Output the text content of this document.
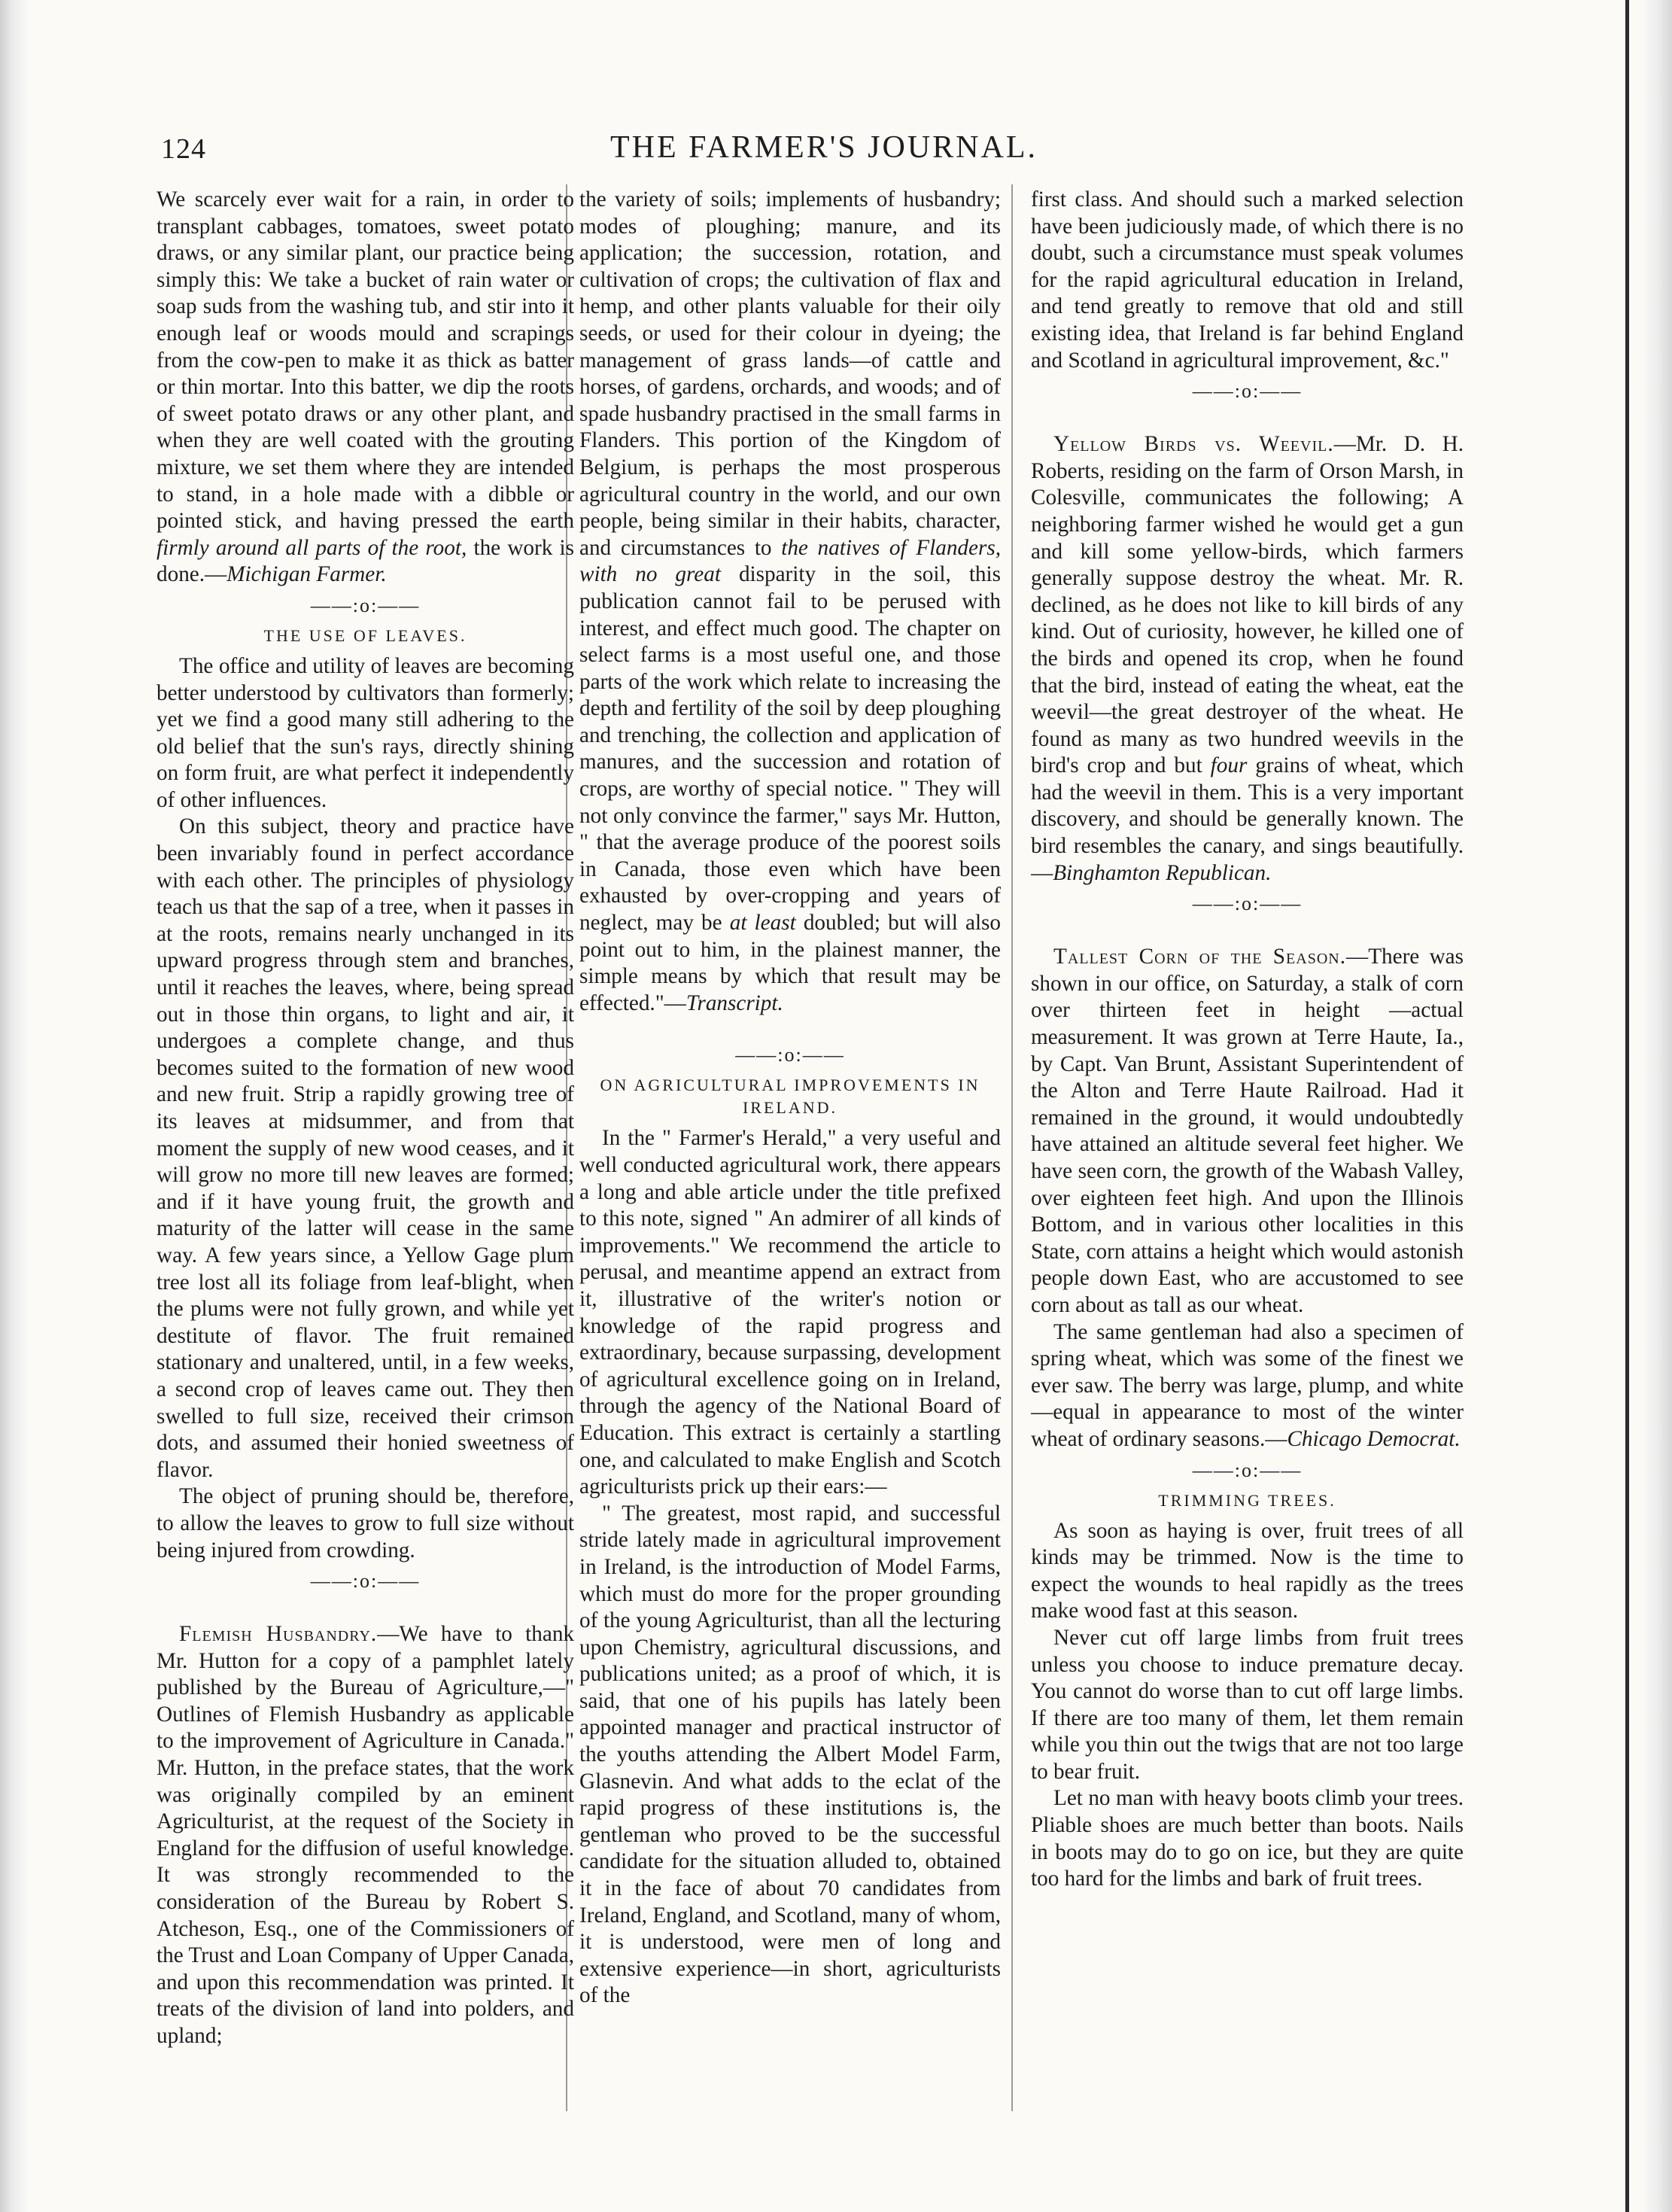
124	THE FARMER'S JOURNAL.

We scarcely ever wait for a rain, in order to transplant cabbages, tomatoes, sweet potato draws, or any similar plant, our practice being simply this: We take a bucket of rain water or soap suds from the washing tub, and stir into it enough leaf or woods mould and scrapings from the cow-pen to make it as thick as batter or thin mortar. Into this batter, we dip the roots of sweet potato draws or any other plant, and when they are well coated with the grouting mixture, we set them where they are intended to stand, in a hole made with a dibble or pointed stick, and having pressed the earth firmly around all parts of the root, the work is done.—Michigan Farmer.

——:o:——
THE USE OF LEAVES.

The office and utility of leaves are becoming better understood by cultivators than formerly; yet we find a good many still adhering to the old belief that the sun's rays, directly shining on form fruit, are what perfect it independently of other influences.

On this subject, theory and practice have been invariably found in perfect accordance with each other. The principles of physiology teach us that the sap of a tree, when it passes in at the roots, remains nearly unchanged in its upward progress through stem and branches, until it reaches the leaves, where, being spread out in those thin organs, to light and air, it undergoes a complete change, and thus becomes suited to the formation of new wood and new fruit. Strip a rapidly growing tree of its leaves at midsummer, and from that moment the supply of new wood ceases, and it will grow no more till new leaves are formed; and if it have young fruit, the growth and maturity of the latter will cease in the same way. A few years since, a Yellow Gage plum tree lost all its foliage from leaf-blight, when the plums were not fully grown, and while yet destitute of flavor. The fruit remained stationary and unaltered, until, in a few weeks, a second crop of leaves came out. They then swelled to full size, received their crimson dots, and assumed their honied sweetness of flavor.

The object of pruning should be, therefore, to allow the leaves to grow to full size without being injured from crowding.

——:o:——

Flemish Husbandry.—We have to thank Mr. Hutton for a copy of a pamphlet lately published by the Bureau of Agriculture,—" Outlines of Flemish Husbandry as applicable to the improvement of Agriculture in Canada." Mr. Hutton, in the preface states, that the work was originally compiled by an eminent Agriculturist, at the request of the Society in England for the diffusion of useful knowledge. It was strongly recommended to the consideration of the Bureau by Robert S. Atcheson, Esq., one of the Commissioners of the Trust and Loan Company of Upper Canada, and upon this recommendation was printed. It treats of the division of land into polders, and upland;

the variety of soils; implements of husbandry; modes of ploughing; manure, and its application; the succession, rotation, and cultivation of crops; the cultivation of flax and hemp, and other plants valuable for their oily seeds, or used for their colour in dyeing; the management of grass lands—of cattle and horses, of gardens, orchards, and woods; and of spade husbandry practised in the small farms in Flanders. This portion of the Kingdom of Belgium, is perhaps the most prosperous agricultural country in the world, and our own people, being similar in their habits, character, and circumstances to the natives of Flanders, with no great disparity in the soil, this publication cannot fail to be perused with interest, and effect much good. The chapter on select farms is a most useful one, and those parts of the work which relate to increasing the depth and fertility of the soil by deep ploughing and trenching, the collection and application of manures, and the succession and rotation of crops, are worthy of special notice. " They will not only convince the farmer," says Mr. Hutton, " that the average produce of the poorest soils in Canada, those even which have been exhausted by over-cropping and years of neglect, may be at least doubled; but will also point out to him, in the plainest manner, the simple means by which that result may be effected."—Transcript.

——:o:——
ON AGRICULTURAL IMPROVEMENTS IN IRELAND.

In the " Farmer's Herald," a very useful and well conducted agricultural work, there appears a long and able article under the title prefixed to this note, signed " An admirer of all kinds of improvements." We recommend the article to perusal, and meantime append an extract from it, illustrative of the writer's notion or knowledge of the rapid progress and extraordinary, because surpassing, development of agricultural excellence going on in Ireland, through the agency of the National Board of Education. This extract is certainly a startling one, and calculated to make English and Scotch agriculturists prick up their ears:—

" The greatest, most rapid, and successful stride lately made in agricultural improvement in Ireland, is the introduction of Model Farms, which must do more for the proper grounding of the young Agriculturist, than all the lecturing upon Chemistry, agricultural discussions, and publications united; as a proof of which, it is said, that one of his pupils has lately been appointed manager and practical instructor of the youths attending the Albert Model Farm, Glasnevin. And what adds to the eclat of the rapid progress of these institutions is, the gentleman who proved to be the successful candidate for the situation alluded to, obtained it in the face of about 70 candidates from Ireland, England, and Scotland, many of whom, it is understood, were men of long and extensive experience—in short, agriculturists of the

first class. And should such a marked selection have been judiciously made, of which there is no doubt, such a circumstance must speak volumes for the rapid agricultural education in Ireland, and tend greatly to remove that old and still existing idea, that Ireland is far behind England and Scotland in agricultural improvement, &c."

——:o:——

Yellow Birds vs. Weevil.—Mr. D. H. Roberts, residing on the farm of Orson Marsh, in Colesville, communicates the following; A neighboring farmer wished he would get a gun and kill some yellow-birds, which farmers generally suppose destroy the wheat. Mr. R. declined, as he does not like to kill birds of any kind. Out of curiosity, however, he killed one of the birds and opened its crop, when he found that the bird, instead of eating the wheat, eat the weevil—the great destroyer of the wheat. He found as many as two hundred weevils in the bird's crop and but four grains of wheat, which had the weevil in them. This is a very important discovery, and should be generally known. The bird resembles the canary, and sings beautifully.—Binghamton Republican.

——:o:——

Tallest Corn of the Season.—There was shown in our office, on Saturday, a stalk of corn over thirteen feet in height —actual measurement. It was grown at Terre Haute, Ia., by Capt. Van Brunt, Assistant Superintendent of the Alton and Terre Haute Railroad. Had it remained in the ground, it would undoubtedly have attained an altitude several feet higher. We have seen corn, the growth of the Wabash Valley, over eighteen feet high. And upon the Illinois Bottom, and in various other localities in this State, corn attains a height which would astonish people down East, who are accustomed to see corn about as tall as our wheat.

The same gentleman had also a specimen of spring wheat, which was some of the finest we ever saw. The berry was large, plump, and white—equal in appearance to most of the winter wheat of ordinary seasons.—Chicago Democrat.

——:o:——
TRIMMING TREES.

As soon as haying is over, fruit trees of all kinds may be trimmed. Now is the time to expect the wounds to heal rapidly as the trees make wood fast at this season.

Never cut off large limbs from fruit trees unless you choose to induce premature decay. You cannot do worse than to cut off large limbs. If there are too many of them, let them remain while you thin out the twigs that are not too large to bear fruit.

Let no man with heavy boots climb your trees. Pliable shoes are much better than boots. Nails in boots may do to go on ice, but they are quite too hard for the limbs and bark of fruit trees.
